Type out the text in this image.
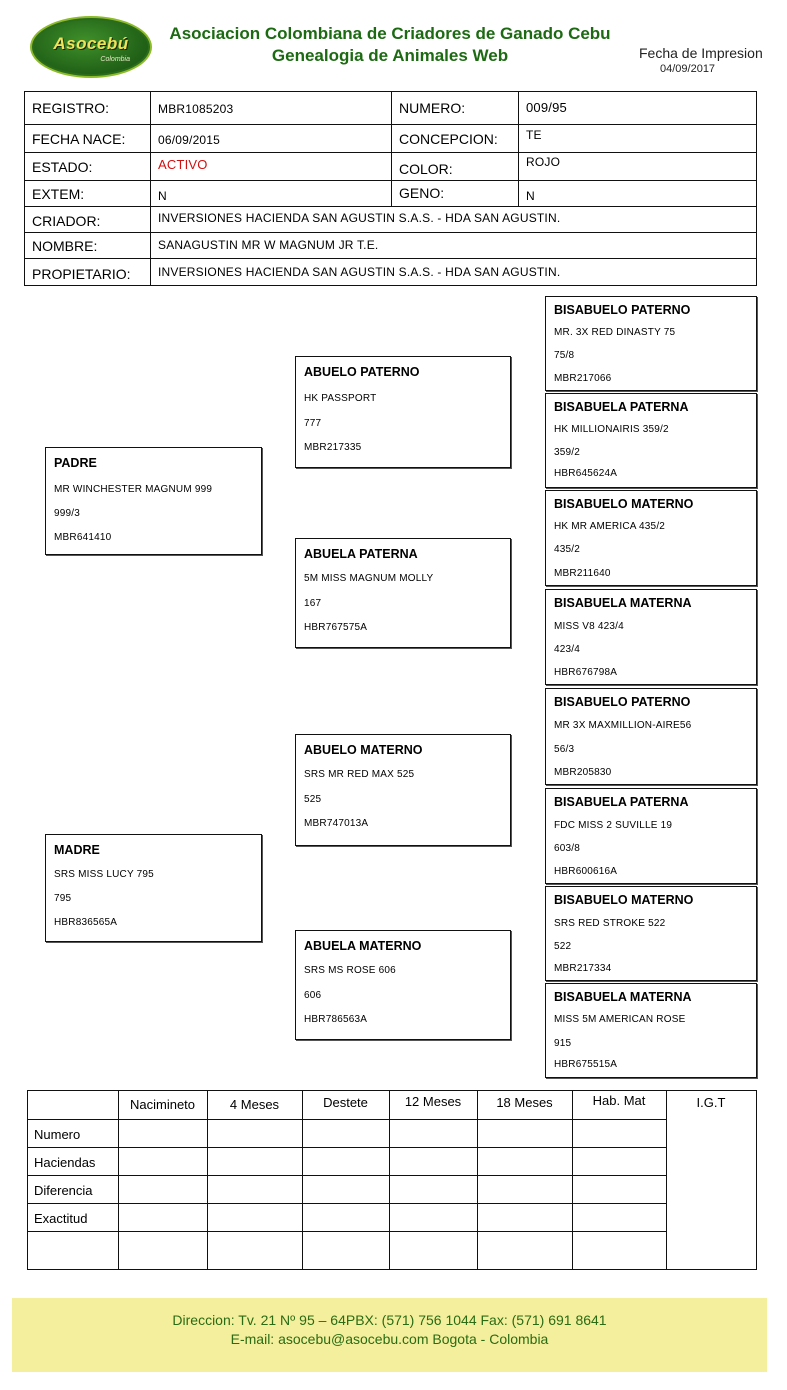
Asocebú
Colombia
Asociacion Colombiana de Criadores de Ganado Cebu
Genealogia de Animales Web	Fecha de Impresion
04/09/2017
REGISTRO:	MBR1085203	NUMERO:	009/95
FECHA NACE:	06/09/2015	CONCEPCION: TE
ESTADO:	ACTIVO	COLOR:	ROJO
EXTEM:	N	GENO:	N
CRIADOR:	INVERSIONES HACIENDA SAN AGUSTIN S.A.S. - HDA SAN AGUSTIN.
NOMBRE:	SANAGUSTIN MR W MAGNUM JR T.E.
PROPIETARIO: INVERSIONES HACIENDA SAN AGUSTIN S.A.S. - HDA SAN AGUSTIN.
PADRE
MR WINCHESTER MAGNUM 999
999/3
MBR641410
MADRE
SRS MISS LUCY 795
795
HBR836565A
ABUELO PATERNO
HK PASSPORT
777
MBR217335
ABUELA PATERNA
5M MISS MAGNUM MOLLY
167
HBR767575A
ABUELO MATERNO
SRS MR RED MAX 525
525
MBR747013A
ABUELA MATERNO
SRS MS ROSE 606
606
HBR786563A
BISABUELO PATERNO
MR. 3X RED DINASTY 75
75/8
MBR217066
BISABUELA PATERNA
HK MILLIONAIRIS 359/2
359/2
HBR645624A
BISABUELO MATERNO
HK MR AMERICA 435/2
435/2
MBR211640
BISABUELA MATERNA
MISS V8 423/4
423/4
HBR676798A
BISABUELO PATERNO
MR 3X MAXMILLION-AIRE56
56/3
MBR205830
BISABUELA PATERNA
FDC MISS 2 SUVILLE 19
603/8
HBR600616A
BISABUELO MATERNO
SRS RED STROKE 522
522
MBR217334
BISABUELA MATERNA
MISS 5M AMERICAN ROSE
915
HBR675515A
Nacimineto	4 Meses	Destete	12 Meses	18 Meses	Hab. Mat	I.G.T
Numero
Haciendas
Diferencia
Exactitud
Direccion: Tv. 21 Nº 95 – 64PBX: (571) 756 1044 Fax: (571) 691 8641
E-mail: asocebu@asocebu.com Bogota - Colombia
